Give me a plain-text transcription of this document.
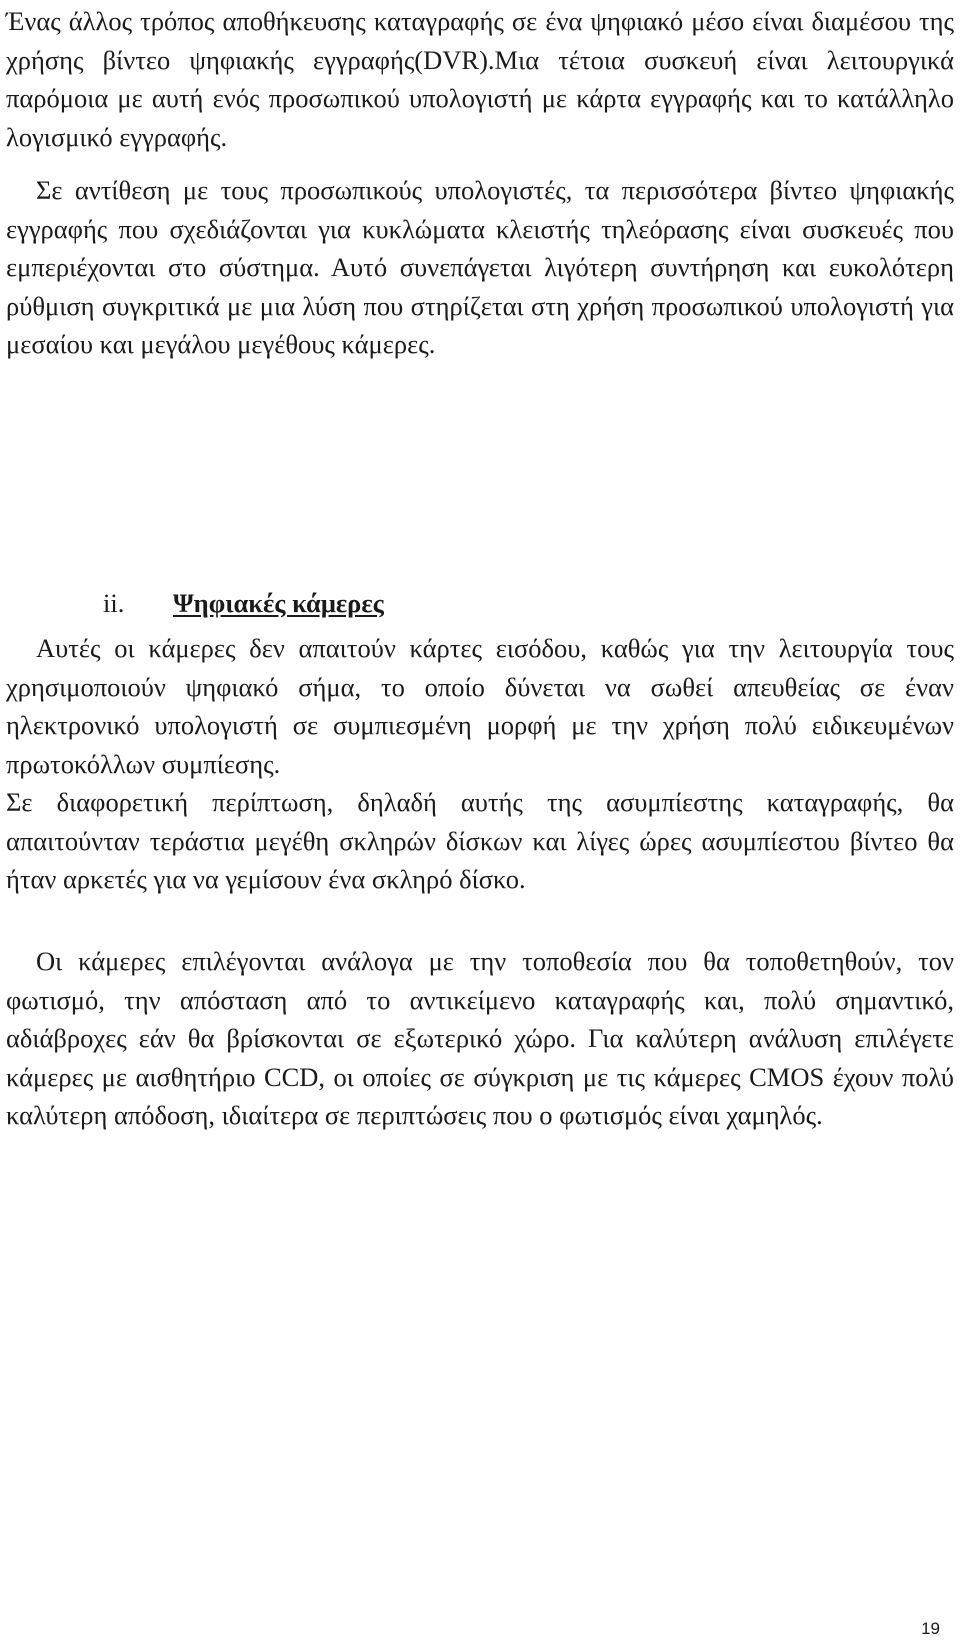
Ένας άλλος τρόπος αποθήκευσης καταγραφής σε ένα ψηφιακό μέσο είναι διαμέσου της χρήσης βίντεο ψηφιακής εγγραφής(DVR).Μια τέτοια συσκευή είναι λειτουργικά παρόμοια με αυτή ενός προσωπικού υπολογιστή με κάρτα εγγραφής και το κατάλληλο λογισμικό εγγραφής.

Σε αντίθεση με τους προσωπικούς υπολογιστές, τα περισσότερα βίντεο ψηφιακής εγγραφής που σχεδιάζονται για κυκλώματα κλειστής τηλεόρασης είναι συσκευές που εμπεριέχονται στο σύστημα. Αυτό συνεπάγεται λιγότερη συντήρηση και ευκολότερη ρύθμιση συγκριτικά με μια λύση που στηρίζεται στη χρήση προσωπικού υπολογιστή για μεσαίου και μεγάλου μεγέθους κάμερες.

ii. Ψηφιακές κάμερες

Αυτές οι κάμερες δεν απαιτούν κάρτες εισόδου, καθώς για την λειτουργία τους χρησιμοποιούν ψηφιακό σήμα, το οποίο δύνεται να σωθεί απευθείας σε έναν ηλεκτρονικό υπολογιστή σε συμπιεσμένη μορφή με την χρήση πολύ ειδικευμένων πρωτοκόλλων συμπίεσης.

Σε διαφορετική περίπτωση, δηλαδή αυτής της ασυμπίεστης καταγραφής, θα απαιτούνταν τεράστια μεγέθη σκληρών δίσκων και λίγες ώρες ασυμπίεστου βίντεο θα ήταν αρκετές για να γεμίσουν ένα σκληρό δίσκο.

Οι κάμερες επιλέγονται ανάλογα με την τοποθεσία που θα τοποθετηθούν, τον φωτισμό, την απόσταση από το αντικείμενο καταγραφής και, πολύ σημαντικό, αδιάβροχες εάν θα βρίσκονται σε εξωτερικό χώρο. Για καλύτερη ανάλυση επιλέγετε κάμερες με αισθητήριο CCD, οι οποίες σε σύγκριση με τις κάμερες CMOS έχουν πολύ καλύτερη απόδοση, ιδιαίτερα σε περιπτώσεις που ο φωτισμός είναι χαμηλός.

19
